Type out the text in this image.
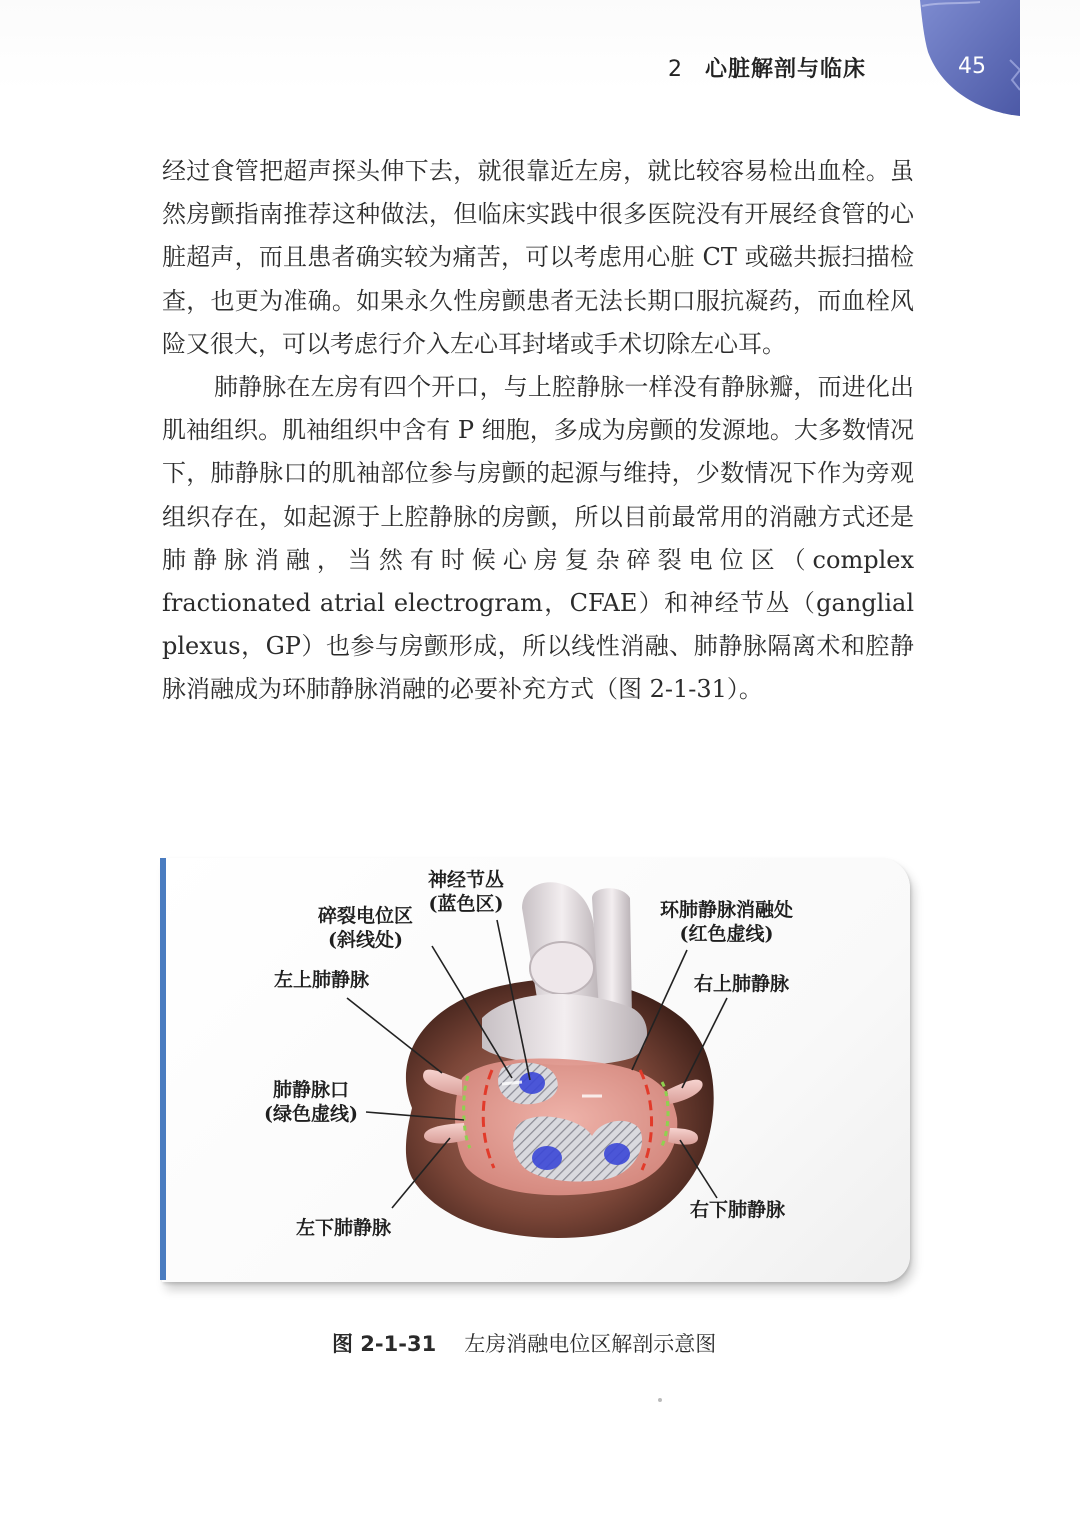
2 心脏解剖与临床	45

经过食管把超声探头伸下去，就很靠近左房，就比较容易检出血栓。虽然房颤指南推荐这种做法，但临床实践中很多医院没有开展经食管的心脏超声，而且患者确实较为痛苦，可以考虑用心脏 CT 或磁共振扫描检查，也更为准确。如果永久性房颤患者无法长期口服抗凝药，而血栓风险又很大，可以考虑行介入左心耳封堵或手术切除左心耳。

肺静脉在左房有四个开口，与上腔静脉一样没有静脉瓣，而进化出肌袖组织。肌袖组织中含有 P 细胞，多成为房颤的发源地。大多数情况下，肺静脉口的肌袖部位参与房颤的起源与维持，少数情况下作为旁观组织存在，如起源于上腔静脉的房颤，所以目前最常用的消融方式还是肺静脉消融，当然有时候心房复杂碎裂电位区（complex fractionated atrial electrogram，CFAE）和神经节丛（ganglial plexus，GP）也参与房颤形成，所以线性消融、肺静脉隔离术和腔静脉消融成为环肺静脉消融的必要补充方式（图 2-1-31）。

神经节丛
(蓝色区)
碎裂电位区
(斜线处)
环肺静脉消融处
(红色虚线)
左上肺静脉	右上肺静脉
肺静脉口
(绿色虚线)
左下肺静脉
右下肺静脉
图 2-1-31 左房消融电位区解剖示意图
